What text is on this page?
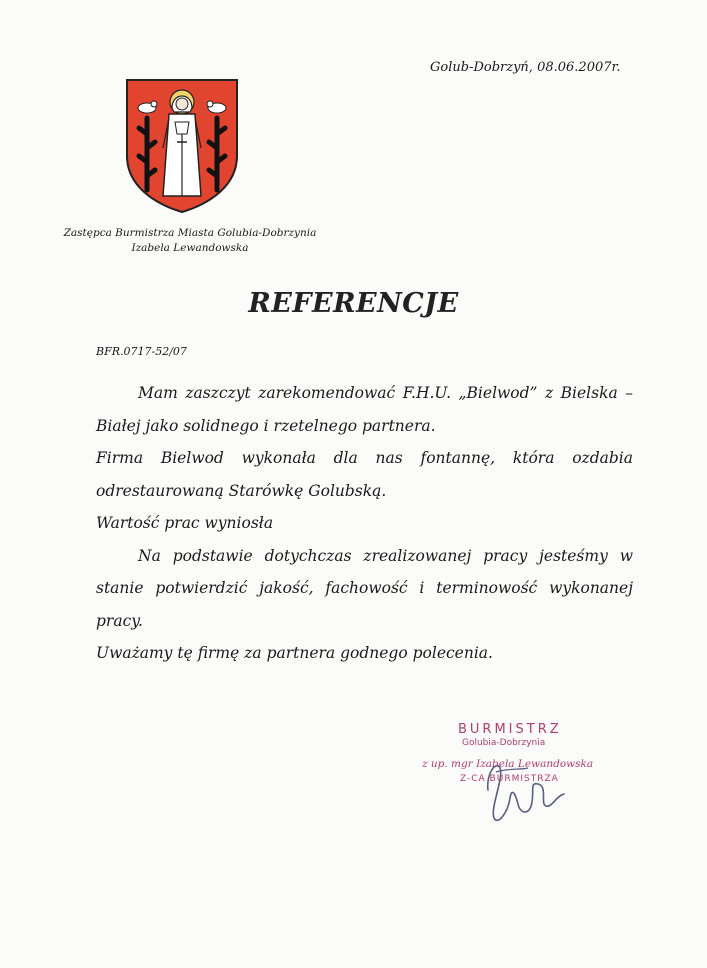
Golub-Dobrzyń, 08.06.2007r.
Zastępca Burmistrza Miasta Golubia-Dobrzynia
Izabela Lewandowska
REFERENCJE
BFR.0717-52/07

Mam zaszczyt zarekomendować F.H.U. „Bielwod” z Bielska – Białej jako solidnego i rzetelnego partnera.

Firma Bielwod wykonała dla nas fontannę, która ozdabia odrestaurowaną Starówkę Golubską.

Wartość prac wyniosła

Na podstawie dotychczas zrealizowanej pracy jesteśmy w stanie potwierdzić jakość, fachowość i terminowość wykonanej pracy.

Uważamy tę firmę za partnera godnego polecenia.

BURMISTRZ
Golubia-Dobrzynia
z up. mgr Izabela Lewandowska
Z-CA BURMISTRZA
